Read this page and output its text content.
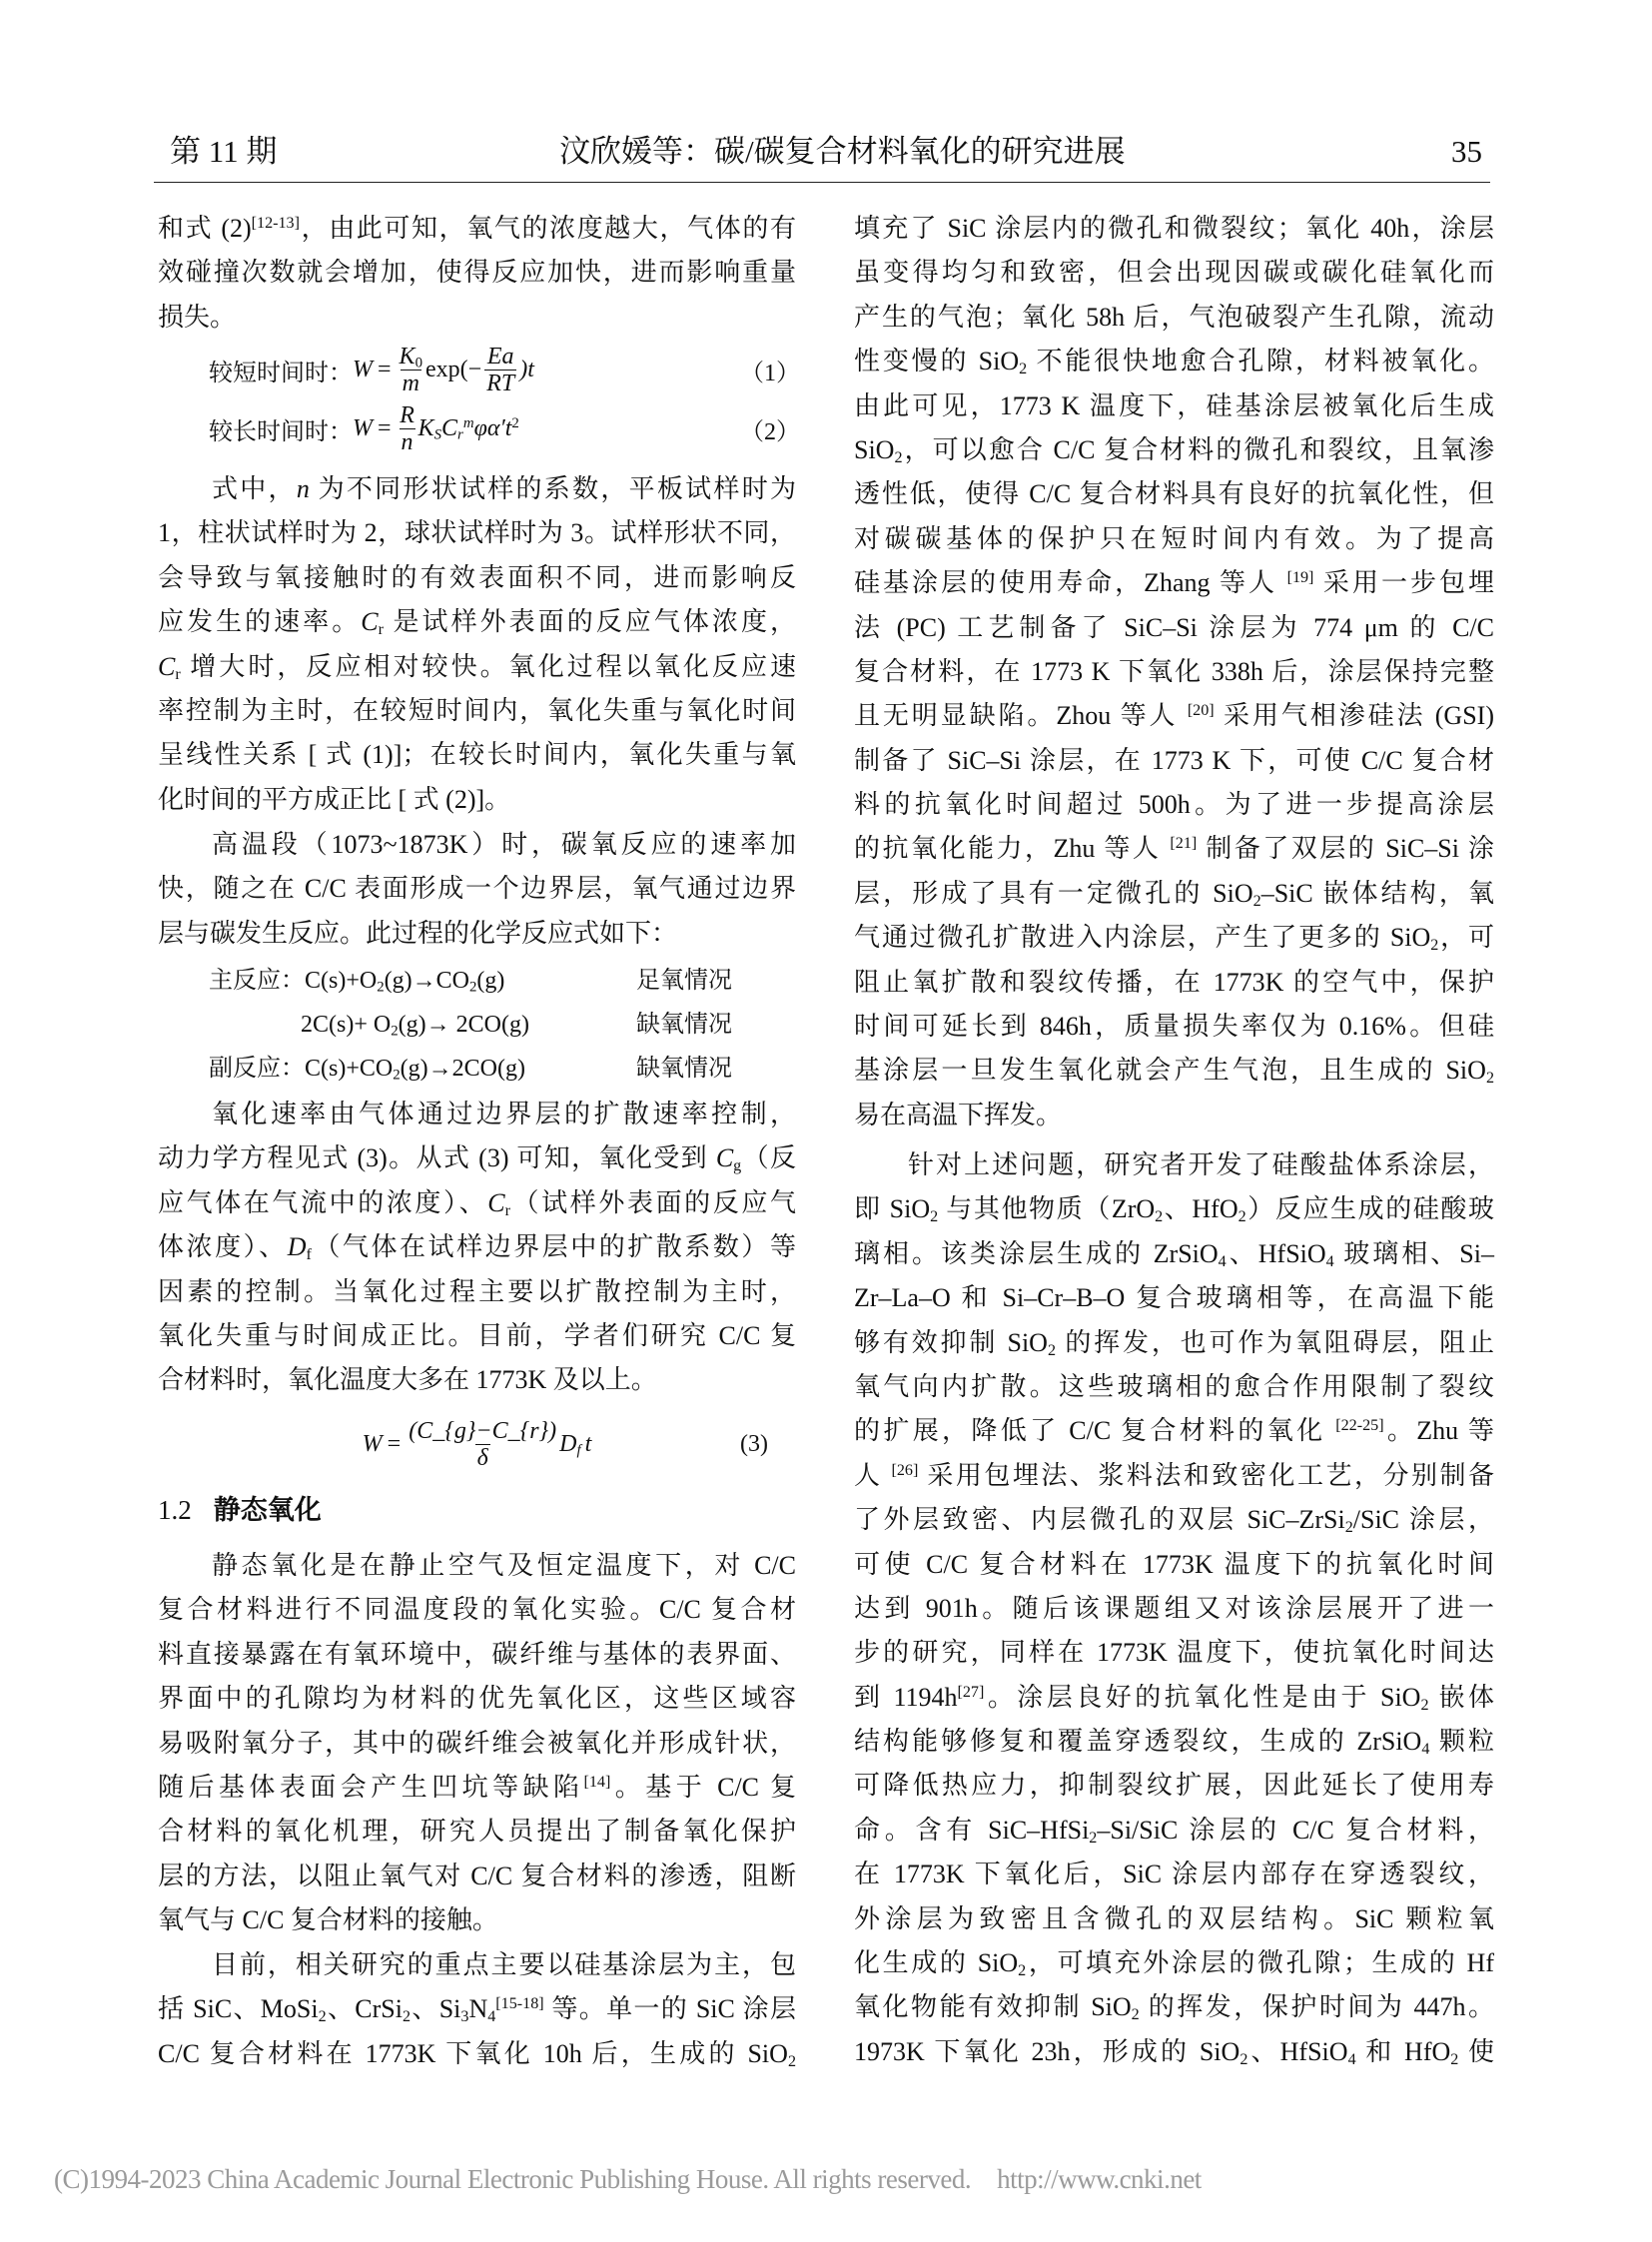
第 11 期	汶欣媛等：碳/碳复合材料氧化的研究进展	35
和式 (2)[12-13]，由此可知，氧气的浓度越大，气体的有
效碰撞次数就会增加，使得反应加快，进而影响重量
损失。
较短时间时： $W = \frac{K_0}{m} \exp(- \frac{Ea}{RT} )t$	（1）
较长时间时： $W = \frac{R}{n} K_SC_r^m\varphi\alpha't^2$	（2）
式中，n 为不同形状试样的系数，平板试样时为
1，柱状试样时为 2，球状试样时为 3。试样形状不同，
会导致与氧接触时的有效表面积不同，进而影响反
应发生的速率。$C_r$ 是试样外表面的反应气体浓度，
$C_r$ 增大时，反应相对较快。氧化过程以氧化反应速
率控制为主时，在较短时间内，氧化失重与氧化时间
呈线性关系 [ 式 (1)]；在较长时间内，氧化失重与氧
化时间的平方成正比 [ 式 (2)]。
高温段（1073~1873K）时，碳氧反应的速率加
快，随之在 C/C 表面形成一个边界层，氧气通过边界
层与碳发生反应。此过程的化学反应式如下：
主反应：$C(s)+O_2(g)\to CO_2(g)$	足氧情况
$2C(s)+ O_2(g)\to 2CO(g)$	缺氧情况
副反应：$C(s)+CO_2(g)\to 2CO(g)$	缺氧情况
氧化速率由气体通过边界层的扩散速率控制，
动力学方程见式 (3)。从式 (3) 可知，氧化受到 $C_g$（反
应气体在气流中的浓度）、$C_r$（试样外表面的反应气
体浓度）、$D_f$（气体在试样边界层中的扩散系数）等
因素的控制。当氧化过程主要以扩散控制为主时，
氧化失重与时间成正比。目前，学者们研究 C/C 复
合材料时，氧化温度大多在 1773K 及以上。
$W = \frac{(C\_\{g\}-C\_\{r\})}{\delta} D_f$ t	(3)
1.2 静态氧化
静态氧化是在静止空气及恒定温度下，对 C/C
复合材料进行不同温度段的氧化实验。C/C 复合材
料直接暴露在有氧环境中，碳纤维与基体的表界面、
界面中的孔隙均为材料的优先氧化区，这些区域容
易吸附氧分子，其中的碳纤维会被氧化并形成针状，
随后基体表面会产生凹坑等缺陷[14]。基于 C/C 复
合材料的氧化机理，研究人员提出了制备氧化保护
层的方法，以阻止氧气对 C/C 复合材料的渗透，阻断
氧气与 C/C 复合材料的接触。
目前，相关研究的重点主要以硅基涂层为主，包
括 SiC、MoSi$_2$、CrSi$_2$、$Si_3N_4[15-18]$ 等。单一的 SiC 涂层
C/C 复合材料在 1773K 下氧化 10h 后，生成的 SiO$_2$
填充了 SiC 涂层内的微孔和微裂纹；氧化 40h，涂层
虽变得均匀和致密，但会出现因碳或碳化硅氧化而
产生的气泡；氧化 58h 后，气泡破裂产生孔隙，流动
性变慢的 SiO$_2$ 不能很快地愈合孔隙，材料被氧化。
由此可见，1773 K 温度下，硅基涂层被氧化后生成
SiO$_2$，可以愈合 C/C 复合材料的微孔和裂纹，且氧渗
透性低，使得 C/C 复合材料具有良好的抗氧化性，但
对碳碳基体的保护只在短时间内有效。为了提高
硅基涂层的使用寿命，Zhang 等人 [19] 采用一步包埋
法 (PC) 工艺制备了 SiC–Si 涂层为 774 μm 的 C/C
复合材料，在 1773 K 下氧化 338h 后，涂层保持完整
且无明显缺陷。Zhou 等人 [20] 采用气相渗硅法 (GSI)
制备了 SiC–Si 涂层，在 1773 K 下，可使 C/C 复合材
料的抗氧化时间超过 500h。为了进一步提高涂层
的抗氧化能力，Zhu 等人 [21] 制备了双层的 SiC–Si 涂
层，形成了具有一定微孔的 SiO$_2$–SiC 嵌体结构，氧
气通过微孔扩散进入内涂层，产生了更多的 SiO$_2$，可
阻止氧扩散和裂纹传播，在 1773K 的空气中，保护
时间可延长到 846h，质量损失率仅为 0.16%。但硅
基涂层一旦发生氧化就会产生气泡，且生成的 SiO$_2$
易在高温下挥发。
针对上述问题，研究者开发了硅酸盐体系涂层，
即 SiO$_2$ 与其他物质（ZrO$_2$、HfO$_2$）反应生成的硅酸玻
璃相。该类涂层生成的 ZrSiO$_4$、HfSiO$_4$ 玻璃相、Si–
Zr–La–O 和 Si–Cr–B–O 复合玻璃相等，在高温下能
够有效抑制 SiO$_2$ 的挥发，也可作为氧阻碍层，阻止
氧气向内扩散。这些玻璃相的愈合作用限制了裂纹
的扩展，降低了 C/C 复合材料的氧化 [22-25]。Zhu 等
人 [26] 采用包埋法、浆料法和致密化工艺，分别制备
了外层致密、内层微孔的双层 SiC–ZrSi$_2$/SiC 涂层，
可使 C/C 复合材料在 1773K 温度下的抗氧化时间
达到 901h。随后该课题组又对该涂层展开了进一
步的研究，同样在 1773K 温度下，使抗氧化时间达
到 1194h[27]。涂层良好的抗氧化性是由于 SiO$_2$ 嵌体
结构能够修复和覆盖穿透裂纹，生成的 ZrSiO$_4$ 颗粒
可降低热应力，抑制裂纹扩展，因此延长了使用寿
命。含有 SiC–HfSi$_2$–Si/SiC 涂层的 C/C 复合材料，
在 1773K 下氧化后，SiC 涂层内部存在穿透裂纹，
外涂层为致密且含微孔的双层结构。SiC 颗粒氧
化生成的 SiO$_2$，可填充外涂层的微孔隙；生成的 Hf
氧化物能有效抑制 SiO$_2$ 的挥发，保护时间为 447h。
1973K 下氧化 23h，形成的 SiO$_2$、HfSiO$_4$ 和 HfO$_2$ 使
(C)1994-2023 China Academic Journal Electronic Publishing House. All rights reserved. http://www.cnki.net
